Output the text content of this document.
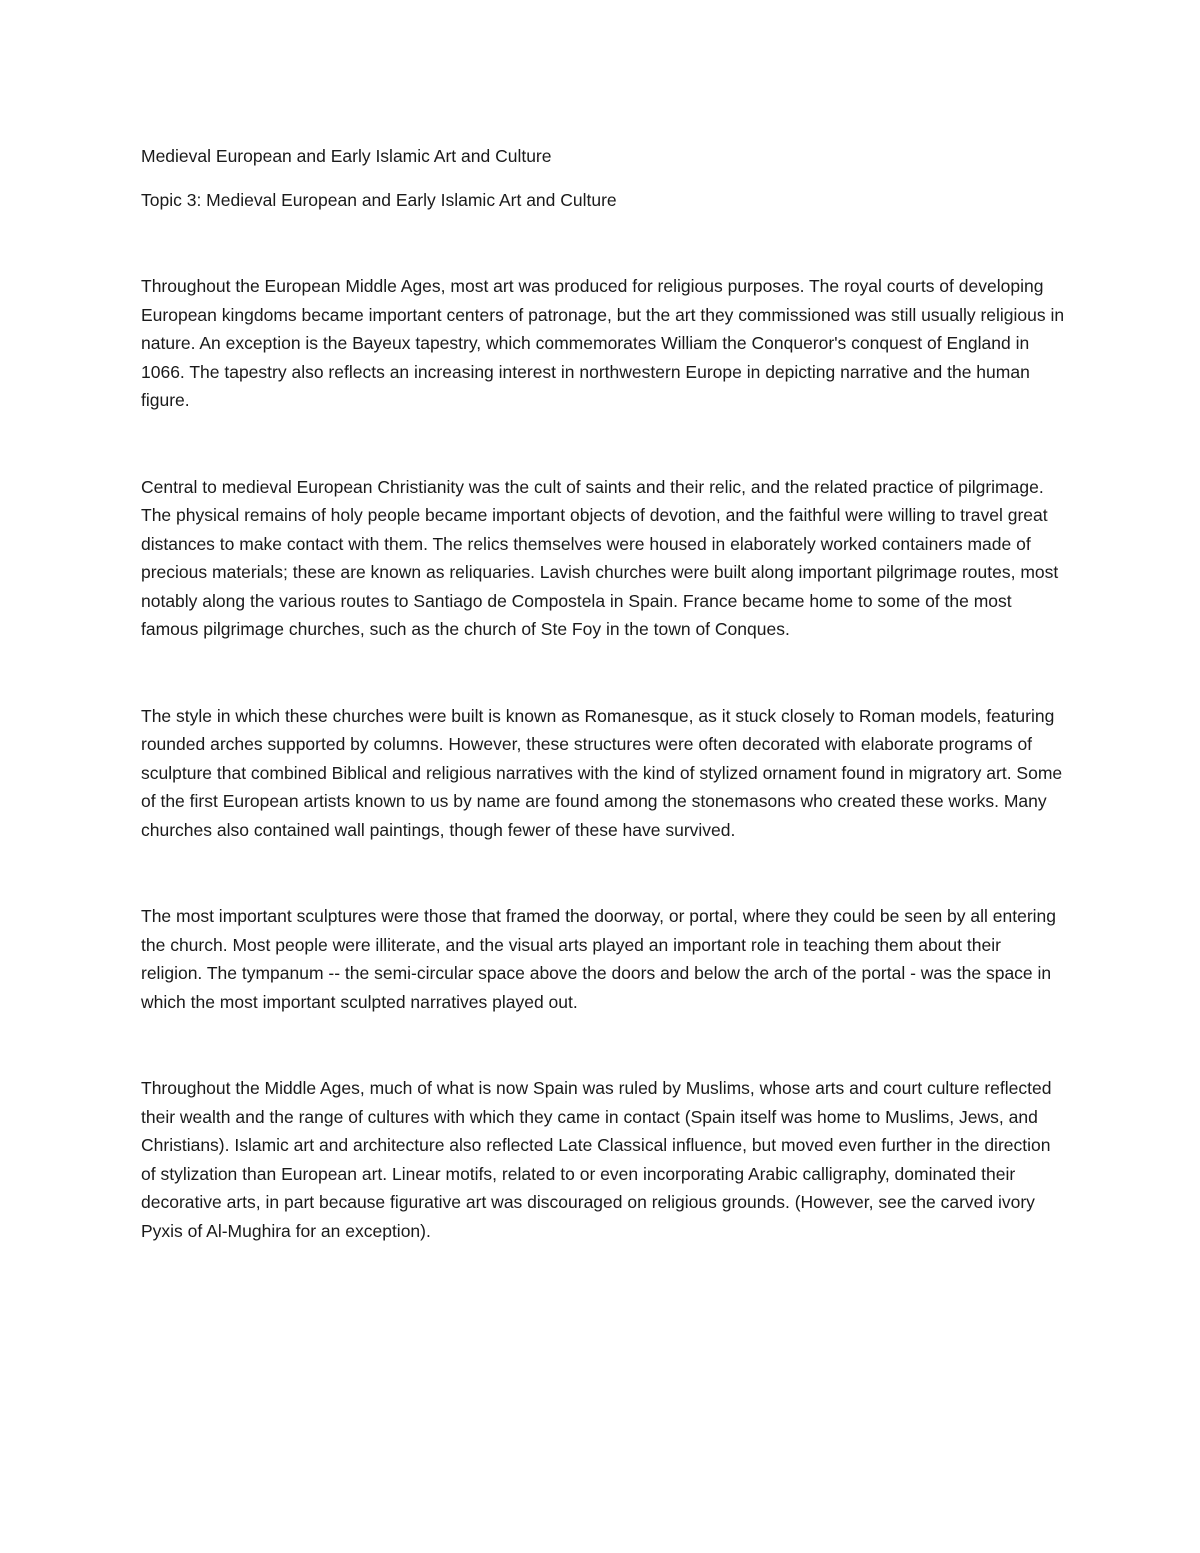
Medieval European and Early Islamic Art and Culture
Topic 3: Medieval European and Early Islamic Art and Culture

Throughout the European Middle Ages, most art was produced for religious purposes. The royal courts of developing European kingdoms became important centers of patronage, but the art they commissioned was still usually religious in nature. An exception is the Bayeux tapestry, which commemorates William the Conqueror's conquest of England in 1066. The tapestry also reflects an increasing interest in northwestern Europe in depicting narrative and the human figure.

Central to medieval European Christianity was the cult of saints and their relic, and the related practice of pilgrimage. The physical remains of holy people became important objects of devotion, and the faithful were willing to travel great distances to make contact with them. The relics themselves were housed in elaborately worked containers made of precious materials; these are known as reliquaries. Lavish churches were built along important pilgrimage routes, most notably along the various routes to Santiago de Compostela in Spain. France became home to some of the most famous pilgrimage churches, such as the church of Ste Foy in the town of Conques.

The style in which these churches were built is known as Romanesque, as it stuck closely to Roman models, featuring rounded arches supported by columns. However, these structures were often decorated with elaborate programs of sculpture that combined Biblical and religious narratives with the kind of stylized ornament found in migratory art. Some of the first European artists known to us by name are found among the stonemasons who created these works. Many churches also contained wall paintings, though fewer of these have survived.

The most important sculptures were those that framed the doorway, or portal, where they could be seen by all entering the church. Most people were illiterate, and the visual arts played an important role in teaching them about their religion. The tympanum -- the semi-circular space above the doors and below the arch of the portal - was the space in which the most important sculpted narratives played out.

Throughout the Middle Ages, much of what is now Spain was ruled by Muslims, whose arts and court culture reflected their wealth and the range of cultures with which they came in contact (Spain itself was home to Muslims, Jews, and Christians). Islamic art and architecture also reflected Late Classical influence, but moved even further in the direction of stylization than European art. Linear motifs, related to or even incorporating Arabic calligraphy, dominated their decorative arts, in part because figurative art was discouraged on religious grounds. (However, see the carved ivory Pyxis of Al-Mughira for an exception).
